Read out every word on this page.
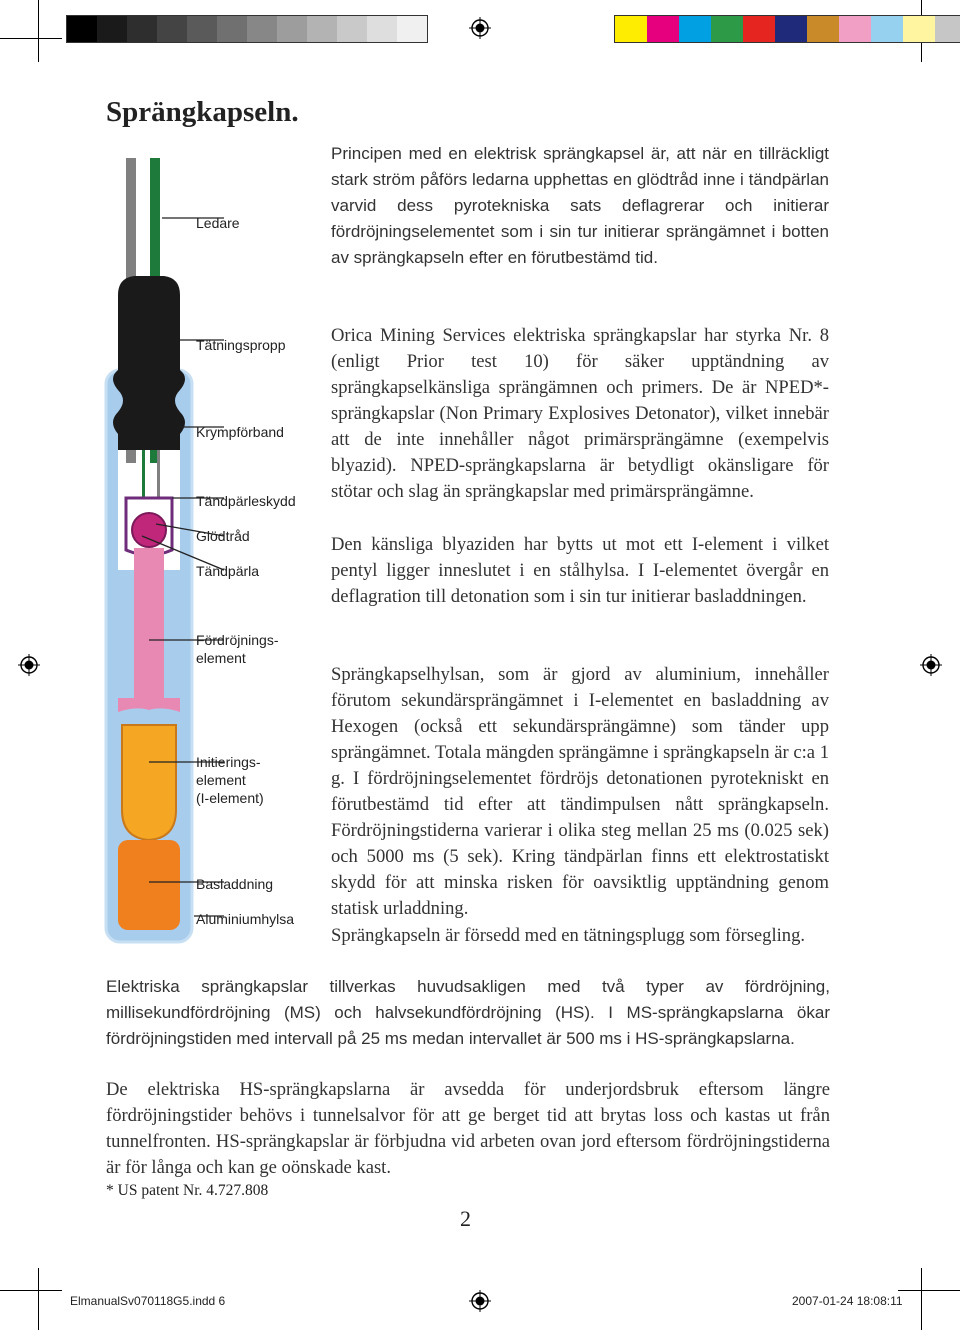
Sprängkapseln.

Ledare

Tätningspropp

Krympförband

Tändpärleskydd

Glödtråd

Tändpärla

Fördröjnings-
element

Initierings-
element
(I-element)

Basladdning

Aluminiumhylsa

Principen med en elektrisk sprängkapsel är, att när en tillräckligt stark ström påförs ledarna upphettas en glödtråd inne i tändpärlan varvid dess pyrotekniska sats deflagrerar och initierar fördröjningselementet som i sin tur initierar sprängämnet i botten av sprängkapseln efter en förutbestämd tid.

Orica Mining Services elektriska sprängkapslar har styrka Nr. 8 (enligt Prior test 10) för säker upptändning av sprängkapselkänsliga sprängämnen och primers. De är NPED*-sprängkapslar (Non Primary Explosives Detonator), vilket innebär att de inte innehåller något primärsprängämne (exempelvis blyazid). NPED-sprängkapslarna är betydligt okänsligare för stötar och slag än sprängkapslar med primärsprängämne.

Den känsliga blyaziden har bytts ut mot ett I-element i vilket pentyl ligger inneslutet i en stålhylsa. I I-elementet övergår en deflagration till detonation som i sin tur initierar basladdningen.

Sprängkapselhylsan, som är gjord av aluminium, innehåller förutom sekundärsprängämnet i I-elementet en basladdning av Hexogen (också ett sekundärsprängämne) som tänder upp sprängämnet. Totala mängden sprängämne i sprängkapseln är c:a 1 g. I fördröjningselementet fördröjs detonationen pyrotekniskt en förutbestämd tid efter att tändimpulsen nått sprängkapseln. Fördröjningstiderna varierar i olika steg mellan 25 ms (0.025 sek) och 5000 ms (5 sek). Kring tändpärlan finns ett elektrostatiskt skydd för att minska risken för oavsiktlig upptändning genom statisk urladdning.

Sprängkapseln är försedd med en tätningsplugg som försegling.

Elektriska sprängkapslar tillverkas huvudsakligen med två typer av fördröjning, millisekundfördröjning (MS) och halvsekundfördröjning (HS). I MS-sprängkapslarna ökar fördröjningstiden med intervall på 25 ms medan intervallet är 500 ms i HS-sprängkapslarna.

De elektriska HS-sprängkapslarna är avsedda för underjordsbruk eftersom längre fördröjningstider behövs i tunnelsalvor för att ge berget tid att brytas loss och kastas ut från tunnelfronten. HS-sprängkapslar är förbjudna vid arbeten ovan jord eftersom fördröjningstiderna är för långa och kan ge oönskade kast.

* US patent Nr. 4.727.808

2
ElmanualSv070118G5.indd 6	2007-01-24 18:08:11
